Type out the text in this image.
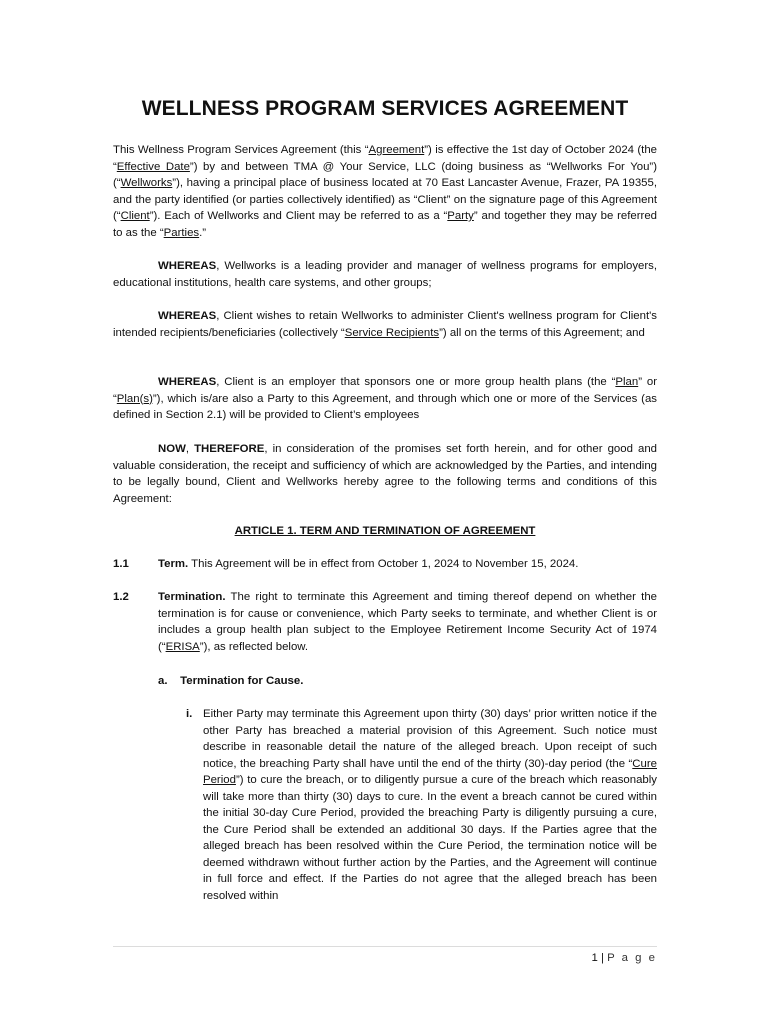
WELLNESS PROGRAM SERVICES AGREEMENT
This Wellness Program Services Agreement (this “Agreement”) is effective the 1st day of October 2024 (the “Effective Date”) by and between TMA @ Your Service, LLC (doing business as “Wellworks For You”) (“Wellworks”), having a principal place of business located at 70 East Lancaster Avenue, Frazer, PA 19355, and the party identified (or parties collectively identified) as “Client” on the signature page of this Agreement (“Client”). Each of Wellworks and Client may be referred to as a “Party” and together they may be referred to as the “Parties.”
WHEREAS, Wellworks is a leading provider and manager of wellness programs for employers, educational institutions, health care systems, and other groups;
WHEREAS, Client wishes to retain Wellworks to administer Client's wellness program for Client's intended recipients/beneficiaries (collectively “Service Recipients”) all on the terms of this Agreement; and
WHEREAS, Client is an employer that sponsors one or more group health plans (the “Plan” or “Plan(s)”), which is/are also a Party to this Agreement, and through which one or more of the Services (as defined in Section 2.1) will be provided to Client’s employees
NOW, THEREFORE, in consideration of the promises set forth herein, and for other good and valuable consideration, the receipt and sufficiency of which are acknowledged by the Parties, and intending to be legally bound, Client and Wellworks hereby agree to the following terms and conditions of this Agreement:
ARTICLE 1. TERM AND TERMINATION OF AGREEMENT
1.1	Term. This Agreement will be in effect from October 1, 2024 to November 15, 2024.
1.2	Termination. The right to terminate this Agreement and timing thereof depend on whether the termination is for cause or convenience, which Party seeks to terminate, and whether Client is or includes a group health plan subject to the Employee Retirement Income Security Act of 1974 (“ERISA”), as reflected below.
a. Termination for Cause.
i. Either Party may terminate this Agreement upon thirty (30) days’ prior written notice if the other Party has breached a material provision of this Agreement. Such notice must describe in reasonable detail the nature of the alleged breach. Upon receipt of such notice, the breaching Party shall have until the end of the thirty (30)-day period (the “Cure Period”) to cure the breach, or to diligently pursue a cure of the breach which reasonably will take more than thirty (30) days to cure. In the event a breach cannot be cured within the initial 30-day Cure Period, provided the breaching Party is diligently pursuing a cure, the Cure Period shall be extended an additional 30 days. If the Parties agree that the alleged breach has been resolved within the Cure Period, the termination notice will be deemed withdrawn without further action by the Parties, and the Agreement will continue in full force and effect. If the Parties do not agree that the alleged breach has been resolved within
1 | P a g e
